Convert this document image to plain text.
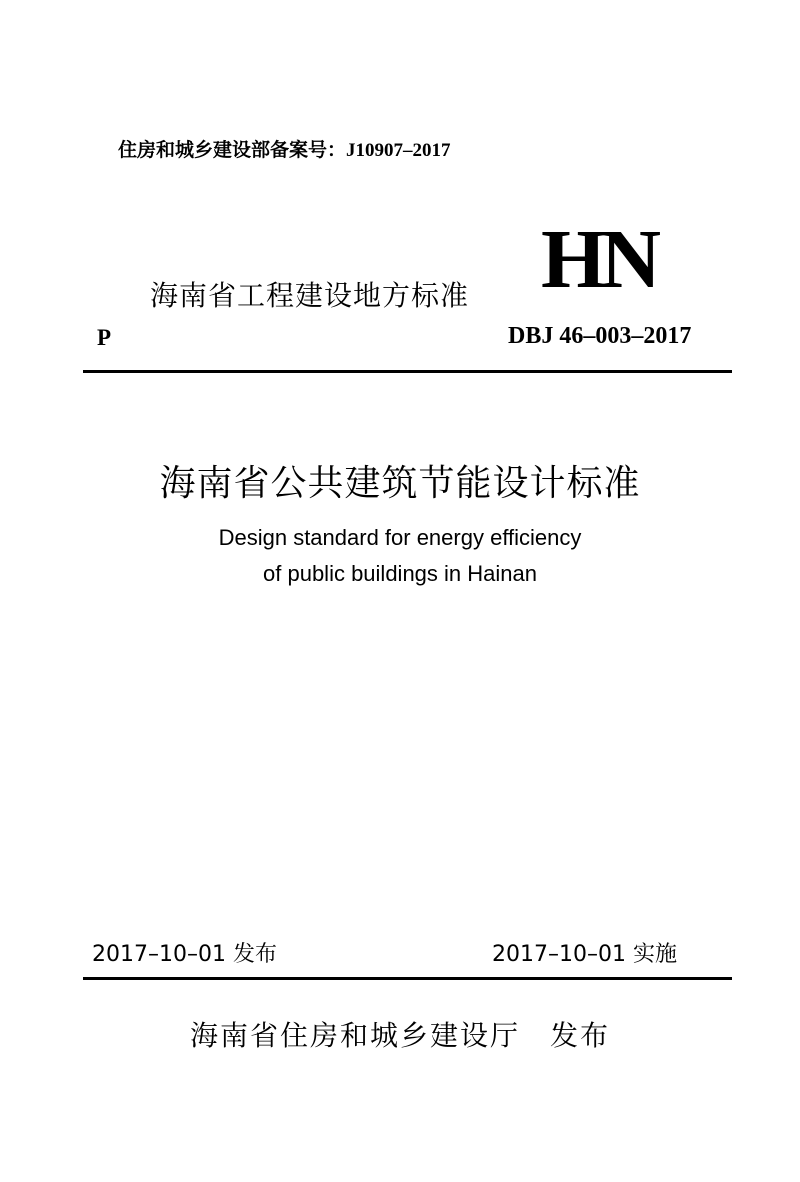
住房和城乡建设部备案号：J10907–2017
海南省工程建设地方标准 HN
P	DBJ 46–003–2017
海南省公共建筑节能设计标准
Design standard for energy efficiency
of public buildings in Hainan
2017–10–01 发布	2017–10–01 实施
海南省住房和城乡建设厅　发布
